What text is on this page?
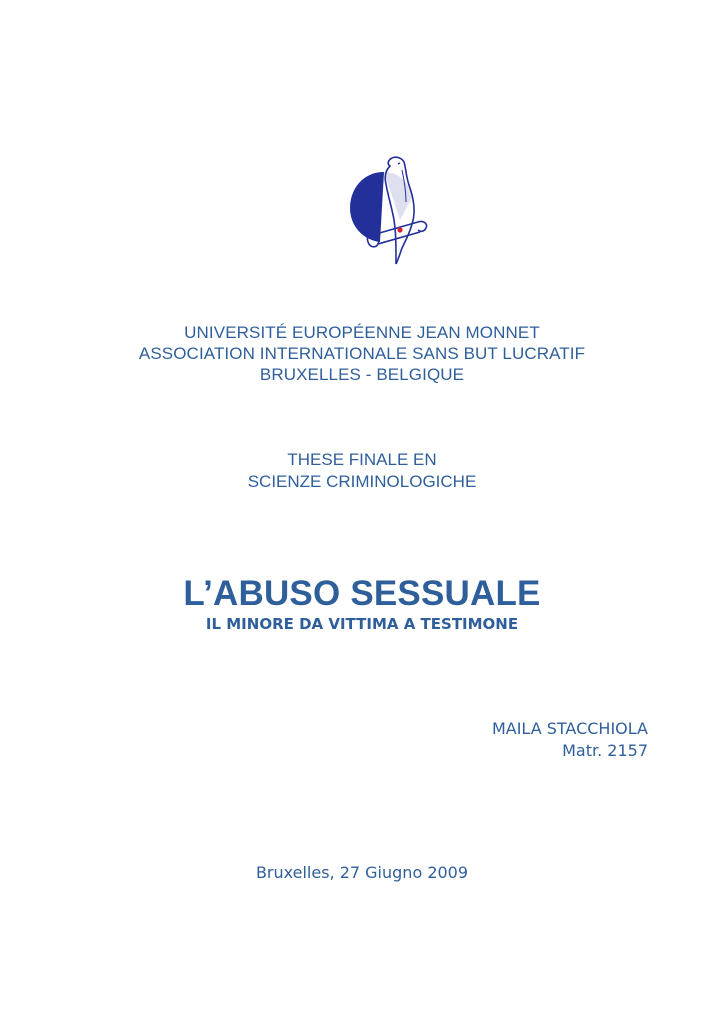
UNIVERSITÉ EUROPÉENNE JEAN MONNET
ASSOCIATION INTERNATIONALE SANS BUT LUCRATIF
BRUXELLES - BELGIQUE
THESE FINALE EN
SCIENZE CRIMINOLOGICHE
L’ABUSO SESSUALE
IL MINORE DA VITTIMA A TESTIMONE
MAILA STACCHIOLA
Matr. 2157
Bruxelles, 27 Giugno 2009
